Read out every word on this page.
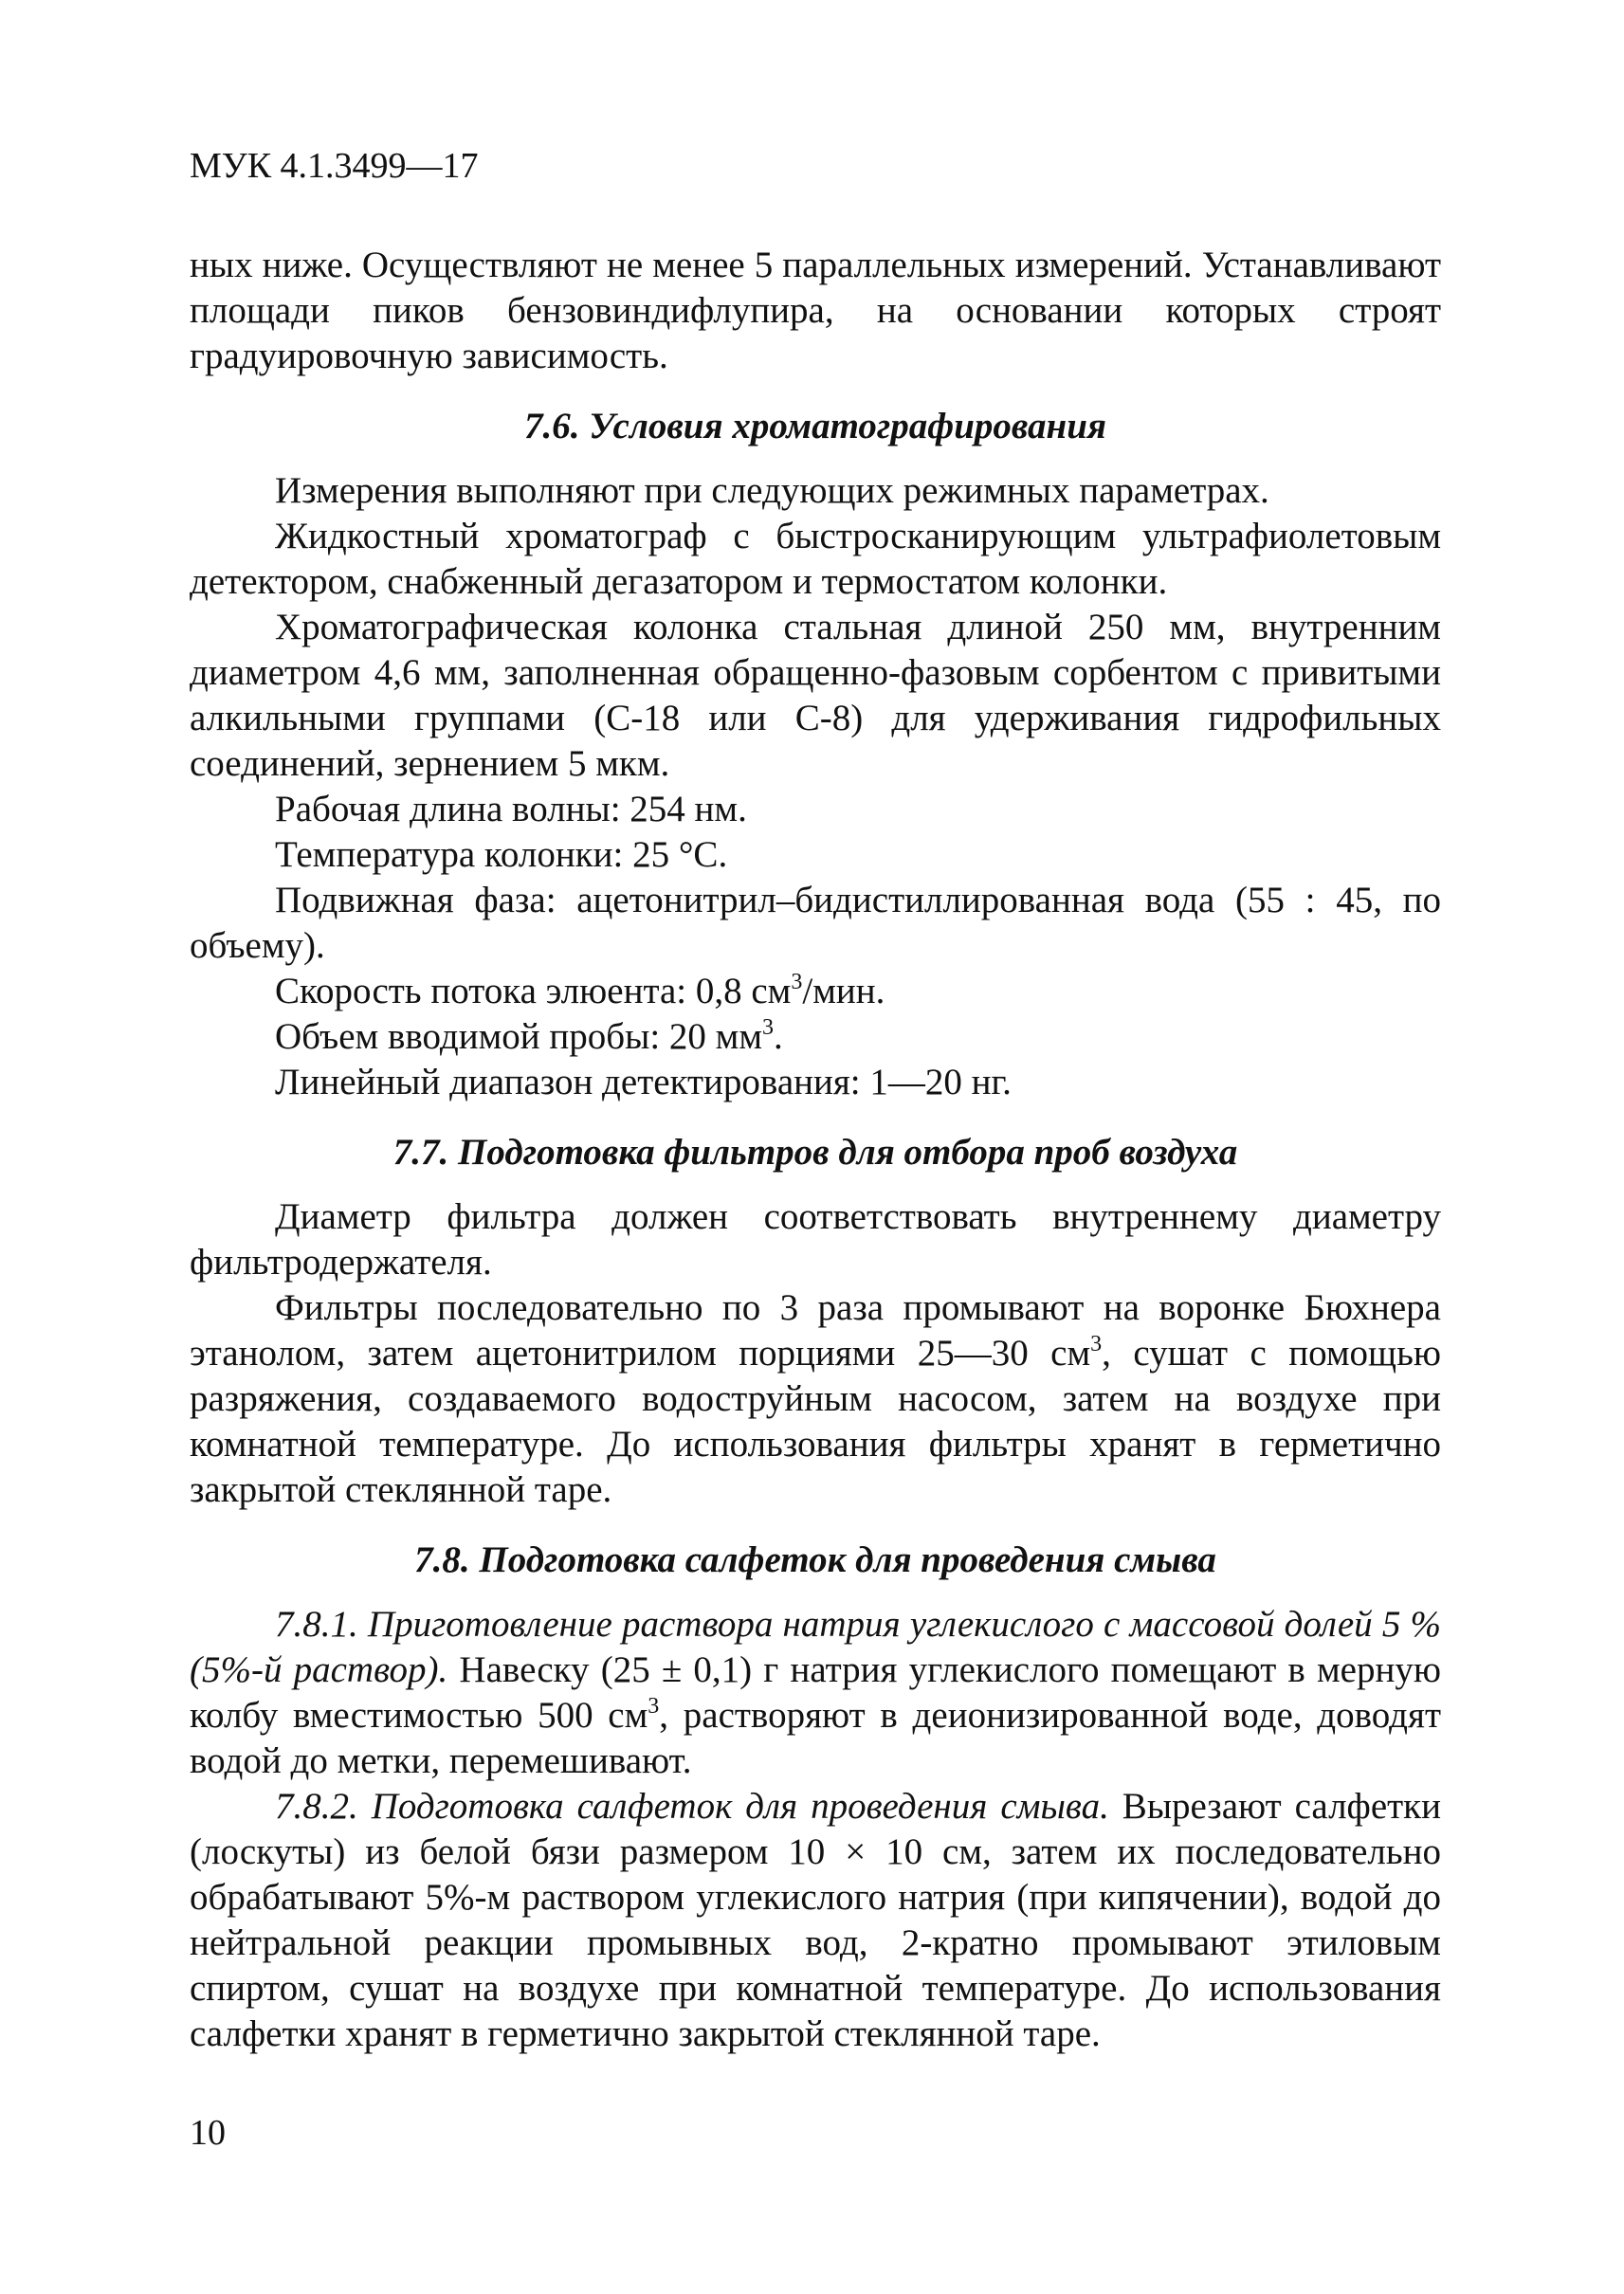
МУК 4.1.3499—17

ных ниже. Осуществляют не менее 5 параллельных измерений. Устанавливают площади пиков бензовиндифлупира, на основании которых строят градуировочную зависимость.

7.6. Условия хроматографирования

Измерения выполняют при следующих режимных параметрах.

Жидкостный хроматограф с быстросканирующим ультрафиолетовым детектором, снабженный дегазатором и термостатом колонки.

Хроматографическая колонка стальная длиной 250 мм, внутренним диаметром 4,6 мм, заполненная обращенно-фазовым сорбентом с привитыми алкильными группами (С-18 или С-8) для удерживания гидрофильных соединений, зернением 5 мкм.

Рабочая длина волны: 254 нм.

Температура колонки: 25 °С.

Подвижная фаза: ацетонитрил–бидистиллированная вода (55 : 45, по объему).

Скорость потока элюента: 0,8 $см^3$/мин.

Объем вводимой пробы: 20 $мм^3$.

Линейный диапазон детектирования: 1—20 нг.

7.7. Подготовка фильтров для отбора проб воздуха

Диаметр фильтра должен соответствовать внутреннему диаметру фильтродержателя.

Фильтры последовательно по 3 раза промывают на воронке Бюхнера этанолом, затем ацетонитрилом порциями 25—30 $см^3$, сушат с помощью разряжения, создаваемого водоструйным насосом, затем на воздухе при комнатной температуре. До использования фильтры хранят в герметично закрытой стеклянной таре.

7.8. Подготовка салфеток для проведения смыва

7.8.1. Приготовление раствора натрия углекислого с массовой долей 5 % (5%-й раствор). Навеску (25 ± 0,1) г натрия углекислого помещают в мерную колбу вместимостью 500 $см^3$, растворяют в деионизированной воде, доводят водой до метки, перемешивают.

7.8.2. Подготовка салфеток для проведения смыва. Вырезают салфетки (лоскуты) из белой бязи размером 10 × 10 см, затем их последовательно обрабатывают 5%-м раствором углекислого натрия (при кипячении), водой до нейтральной реакции промывных вод, 2-кратно промывают этиловым спиртом, сушат на воздухе при комнатной температуре. До использования салфетки хранят в герметично закрытой стеклянной таре.

10
